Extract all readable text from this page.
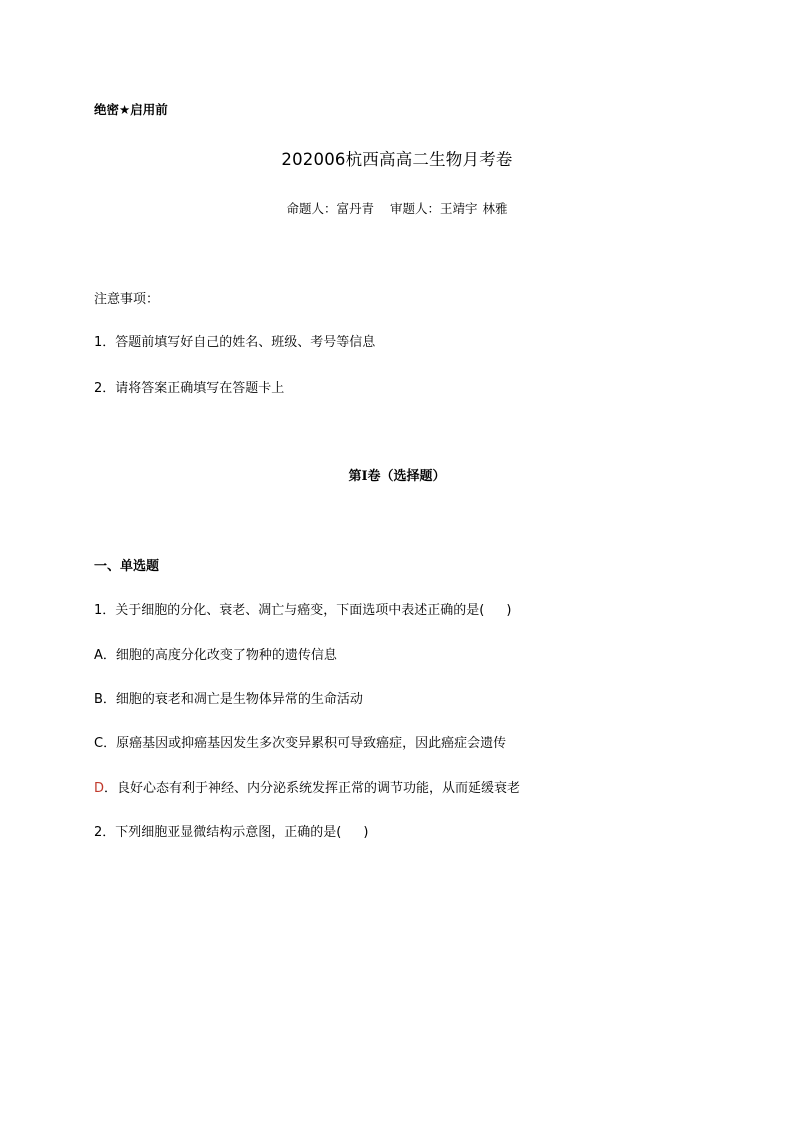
绝密★启用前
202006杭西高高二生物月考卷
命题人：富丹青 审题人：王靖宇 林雅
注意事项：
1．答题前填写好自己的姓名、班级、考号等信息
2．请将答案正确填写在答题卡上
第I卷（选择题）
一、单选题
1．关于细胞的分化、衰老、凋亡与癌变，下面选项中表述正确的是( )
A．细胞的高度分化改变了物种的遗传信息
B．细胞的衰老和凋亡是生物体异常的生命活动
C．原癌基因或抑癌基因发生多次变异累积可导致癌症，因此癌症会遗传
D．良好心态有利于神经、内分泌系统发挥正常的调节功能，从而延缓衰老
2．下列细胞亚显微结构示意图，正确的是( )
